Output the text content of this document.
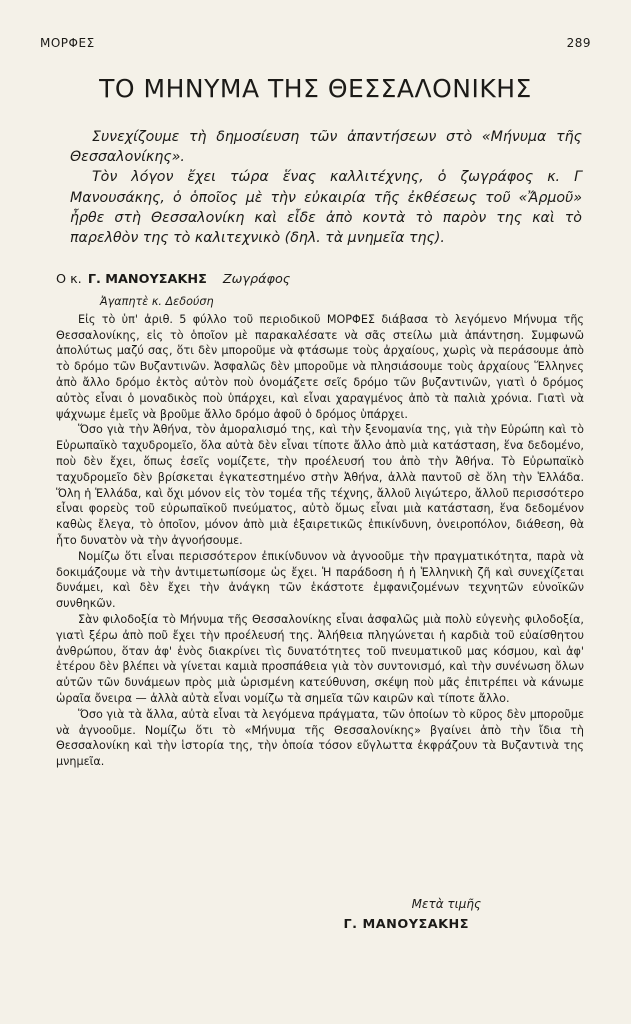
ΜΟΡΦΕΣ	289
ΤΟ ΜΗΝΥΜΑ ΤΗΣ ΘΕΣΣΑΛΟΝΙΚΗΣ

Συνεχίζουμε τὴ δημοσίευση τῶν ἀπαντήσεων στὸ «Μήνυμα τῆς Θεσσαλονίκης».

Τὸν λόγον ἔχει τώρα ἕνας καλλιτέχνης, ὁ ζωγράφος κ. Γ Μανουσάκης, ὁ ὁποῖος μὲ τὴν εὐκαιρία τῆς ἐκθέσεως τοῦ «Ἄρμοῦ» ἦρθε στὴ Θεσσαλονίκη καὶ εἶδε ἀπὸ κοντὰ τὸ παρὸν της καὶ τὸ παρελθὸν της τὸ καλιτεχνικὸ (δηλ. τὰ μνημεῖα της).

Ο κ. Γ. ΜΑΝΟΥΣΑΚΗΣ Ζωγράφος

Ἀγαπητὲ κ. Δεδούση

Εἰς τὸ ὑπ' ἀριθ. 5 φύλλο τοῦ περιοδικοῦ ΜΟΡΦΕΣ διάβασα τὸ λεγόμενο Μήνυμα τῆς Θεσσαλονίκης, εἰς τὸ ὁποῖον μὲ παρακαλέσατε νὰ σᾶς στείλω μιὰ ἀπάντηση. Συμφωνῶ ἀπολύτως μαζύ σας, ὅτι δὲν μποροῦμε νὰ φτάσωμε τοὺς ἀρχαίους, χωρὶς νὰ περάσουμε ἀπὸ τὸ δρόμο τῶν Βυζαντινῶν. Ἀσφαλῶς δὲν μποροῦμε νὰ πλησιάσουμε τοὺς ἀρχαίους Ἕλληνες ἀπὸ ἄλλο δρόμο ἐκτὸς αὐτὸν ποὺ ὀνομάζετε σεῖς δρόμο τῶν βυζαντινῶν, γιατὶ ὁ δρόμος αὐτὸς εἶναι ὁ μοναδικὸς ποὺ ὑπάρχει, καὶ εἶναι χαραγμένος ἀπὸ τὰ παλιὰ χρόνια. Γιατὶ νὰ ψάχνωμε ἐμεῖς νὰ βροῦμε ἄλλο δρόμο ἀφοῦ ὁ δρόμος ὑπάρχει.

Ὅσο γιὰ τὴν Ἀθήνα, τὸν ἀμοραλισμό της, καὶ τὴν ξενομανία της, γιὰ τὴν Εὐρώπη καὶ τὸ Εὐρωπαϊκὸ ταχυδρομεῖο, ὅλα αὐτὰ δὲν εἶναι τίποτε ἄλλο ἀπὸ μιὰ κατάσταση, ἕνα δεδομένο, ποὺ δὲν ἔχει, ὅπως ἐσεῖς νομίζετε, τὴν προέλευσή του ἀπὸ τὴν Ἀθήνα. Τὸ Εὐρωπαϊκὸ ταχυδρομεῖο δὲν βρίσκεται ἐγκατεστημένο στὴν Ἀθήνα, ἀλλὰ παντοῦ σὲ ὅλη τὴν Ἑλλάδα. Ὅλη ἡ Ἑλλάδα, καὶ ὄχι μόνον εἰς τὸν τομέα τῆς τέχνης, ἄλλοῦ λιγώτερο, ἄλλοῦ περισσότερο εἶναι φορεὺς τοῦ εὐρωπαϊκοῦ πνεύματος, αὐτὸ ὅμως εἶναι μιὰ κατάσταση, ἕνα δεδομένον καθὼς ἔλεγα, τὸ ὁποῖον, μόνον ἀπὸ μιὰ ἐξαιρετικῶς ἐπικίνδυνη, ὀνειροπόλον, διάθεση, θὰ ἦτο δυνατὸν νὰ τὴν ἀγνοήσουμε.

Νομίζω ὅτι εἶναι περισσότερον ἐπικίνδυνον νὰ ἀγνοοῦμε τὴν πραγματικότητα, παρὰ νὰ δοκιμάζουμε νὰ τὴν ἀντιμετωπίσομε ὡς ἔχει. Ἡ παράδοση ἡ ἡ Ἑλληνικὴ ζῆ καὶ συνεχίζεται δυνάμει, καὶ δὲν ἔχει τὴν ἀνάγκη τῶν ἑκάστοτε ἐμφανιζομένων τεχνητῶν εὐνοϊκῶν συνθηκῶν.

Σὰν φιλοδοξία τὸ Μήνυμα τῆς Θεσσαλονίκης εἶναι ἀσφαλῶς μιὰ πολὺ εὐγενὴς φιλοδοξία, γιατὶ ξέρω ἀπὸ ποῦ ἔχει τὴν προέλευσή της. Ἀλήθεια πληγώνεται ἡ καρδιὰ τοῦ εὐαίσθητου ἀνθρώπου, ὅταν ἀφ' ἑνὸς διακρίνει τὶς δυνατότητες τοῦ πνευματικοῦ μας κόσμου, καὶ ἀφ' ἑτέρου δὲν βλέπει νὰ γίνεται καμιὰ προσπάθεια γιὰ τὸν συντονισμό, καὶ τὴν συνένωση ὅλων αὐτῶν τῶν δυνάμεων πρὸς μιὰ ὡρισμένη κατεύθυνση, σκέψη ποὺ μᾶς ἐπιτρέπει νὰ κάνωμε ὡραῖα ὄνειρα — ἀλλὰ αὐτὰ εἶναι νομίζω τὰ σημεῖα τῶν καιρῶν καὶ τίποτε ἄλλο.

Ὅσο γιὰ τὰ ἄλλα, αὐτὰ εἶναι τὰ λεγόμενα πράγματα, τῶν ὁποίων τὸ κῦρος δὲν μποροῦμε νὰ ἀγνοοῦμε. Νομίζω ὅτι τὸ «Μήνυμα τῆς Θεσσαλονίκης» βγαίνει ἀπὸ τὴν ἴδια τὴ Θεσσαλονίκη καὶ τὴν ἱστορία της, τὴν ὁποία τόσον εὔγλωττα ἐκφράζουν τὰ Βυζαντινὰ της μνημεῖα.

Μετὰ τιμῆς
Γ. ΜΑΝΟΥΣΑΚΗΣ
